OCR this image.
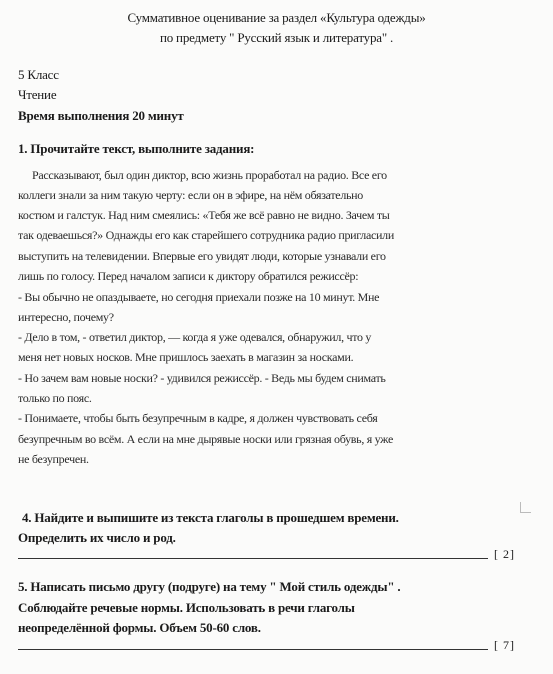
Суммативное оценивание за раздел «Культура одежды»
по предмету " Русский язык и литература" .
5 Класс
Чтение
Время выполнения 20 минут
1. Прочитайте текст, выполните задания:
Рассказывают, был один диктор, всю жизнь проработал на радио. Все его
коллеги знали за ним такую черту: если он в эфире, на нём обязательно
костюм и галстук. Над ним смеялись: «Тебя же всё равно не видно. Зачем ты
так одеваешься?» Однажды его как старейшего сотрудника радио пригласили
выступить на телевидении. Впервые его увидят люди, которые узнавали его
лишь по голосу. Перед началом записи к диктору обратился режиссёр:
- Вы обычно не опаздываете, но сегодня приехали позже на 10 минут. Мне
интересно, почему?
- Дело в том, - ответил диктор, — когда я уже одевался, обнаружил, что у
меня нет новых носков. Мне пришлось заехать в магазин за носками.
- Но зачем вам новые носки? - удивился режиссёр. - Ведь мы будем снимать
только по пояс.
- Понимаете, чтобы быть безупречным в кадре, я должен чувствовать себя
безупречным во всём. А если на мне дырявые носки или грязная обувь, я уже
не безупречен.
4. Найдите и выпишите из текста глаголы в прошедшем времени.
Определить их число и род.
[ 2]
5. Написать письмо другу (подруге) на тему " Мой стиль одежды" .
Соблюдайте речевые нормы. Использовать в речи глаголы
неопределённой формы. Объем 50-60 слов.
[ 7]
